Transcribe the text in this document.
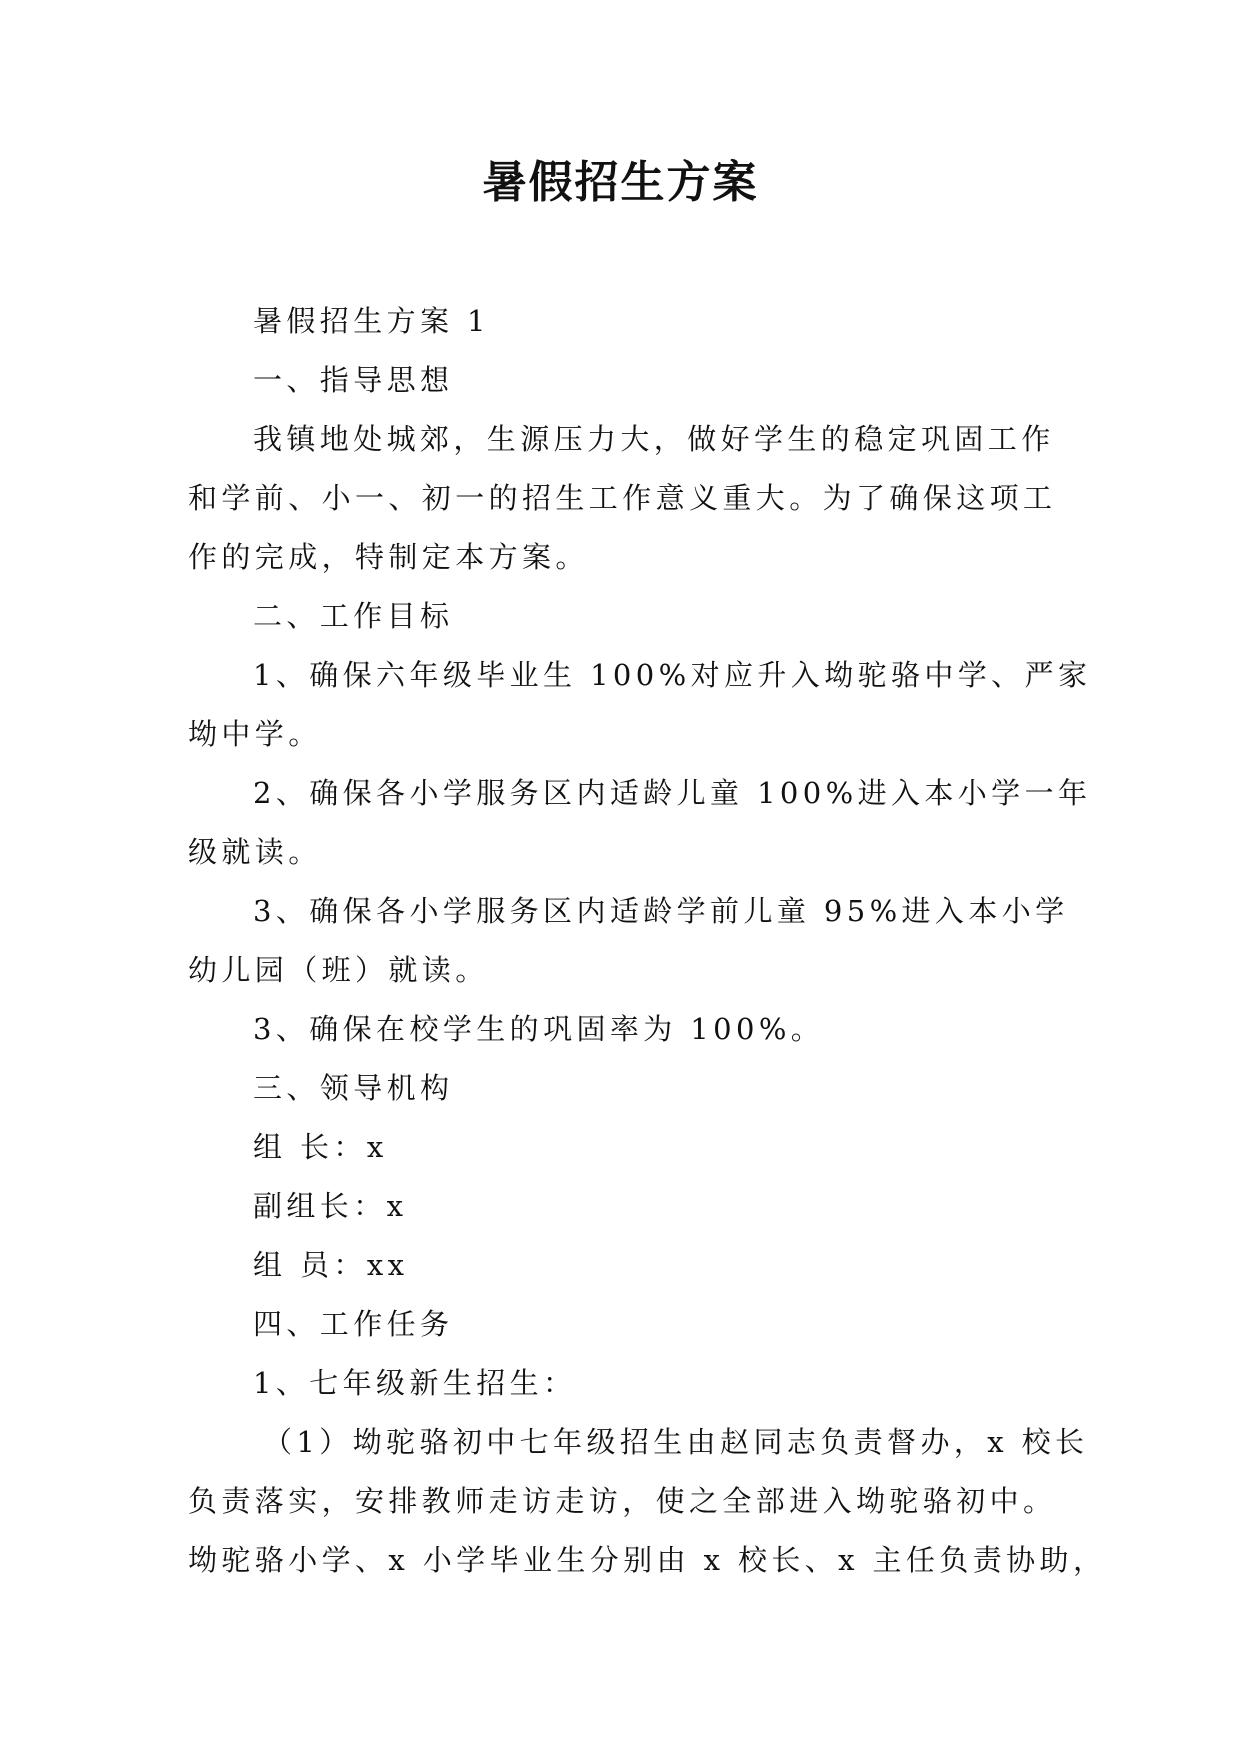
暑假招生方案

暑假招生方案 1

一、指导思想

我镇地处城郊，生源压力大，做好学生的稳定巩固工作

和学前、小一、初一的招生工作意义重大。为了确保这项工

作的完成，特制定本方案。

二、工作目标

1、确保六年级毕业生 100%对应升入坳驼骆中学、严家

坳中学。

2、确保各小学服务区内适龄儿童 100%进入本小学一年

级就读。

3、确保各小学服务区内适龄学前儿童 95%进入本小学

幼儿园（班）就读。

3、确保在校学生的巩固率为 100%。

三、领导机构

组 长：x

副组长：x

组 员：xx

四、工作任务

1、七年级新生招生：

（1）坳驼骆初中七年级招生由赵同志负责督办，x 校长

负责落实，安排教师走访走访，使之全部进入坳驼骆初中。

坳驼骆小学、x 小学毕业生分别由 x 校长、x 主任负责协助，
